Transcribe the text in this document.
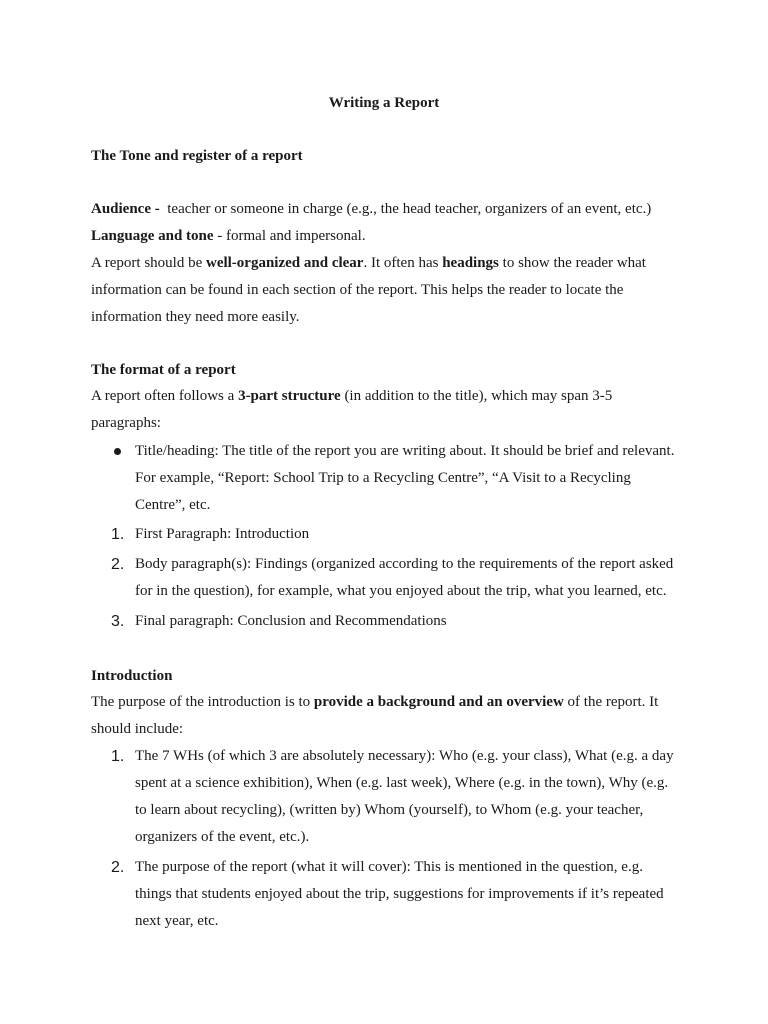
Writing a Report
The Tone and register of a report
Audience - teacher or someone in charge (e.g., the head teacher, organizers of an event, etc.)
Language and tone - formal and impersonal.
A report should be well-organized and clear. It often has headings to show the reader what information can be found in each section of the report. This helps the reader to locate the information they need more easily.
The format of a report
A report often follows a 3-part structure (in addition to the title), which may span 3-5 paragraphs:
Title/heading: The title of the report you are writing about. It should be brief and relevant. For example, “Report: School Trip to a Recycling Centre”, “A Visit to a Recycling Centre”, etc.
1. First Paragraph: Introduction
2. Body paragraph(s): Findings (organized according to the requirements of the report asked for in the question), for example, what you enjoyed about the trip, what you learned, etc.
3. Final paragraph: Conclusion and Recommendations
Introduction
The purpose of the introduction is to provide a background and an overview of the report. It should include:
1. The 7 WHs (of which 3 are absolutely necessary): Who (e.g. your class), What (e.g. a day spent at a science exhibition), When (e.g. last week), Where (e.g. in the town), Why (e.g. to learn about recycling), (written by) Whom (yourself), to Whom (e.g. your teacher, organizers of the event, etc.).
2. The purpose of the report (what it will cover): This is mentioned in the question, e.g. things that students enjoyed about the trip, suggestions for improvements if it’s repeated next year, etc.
